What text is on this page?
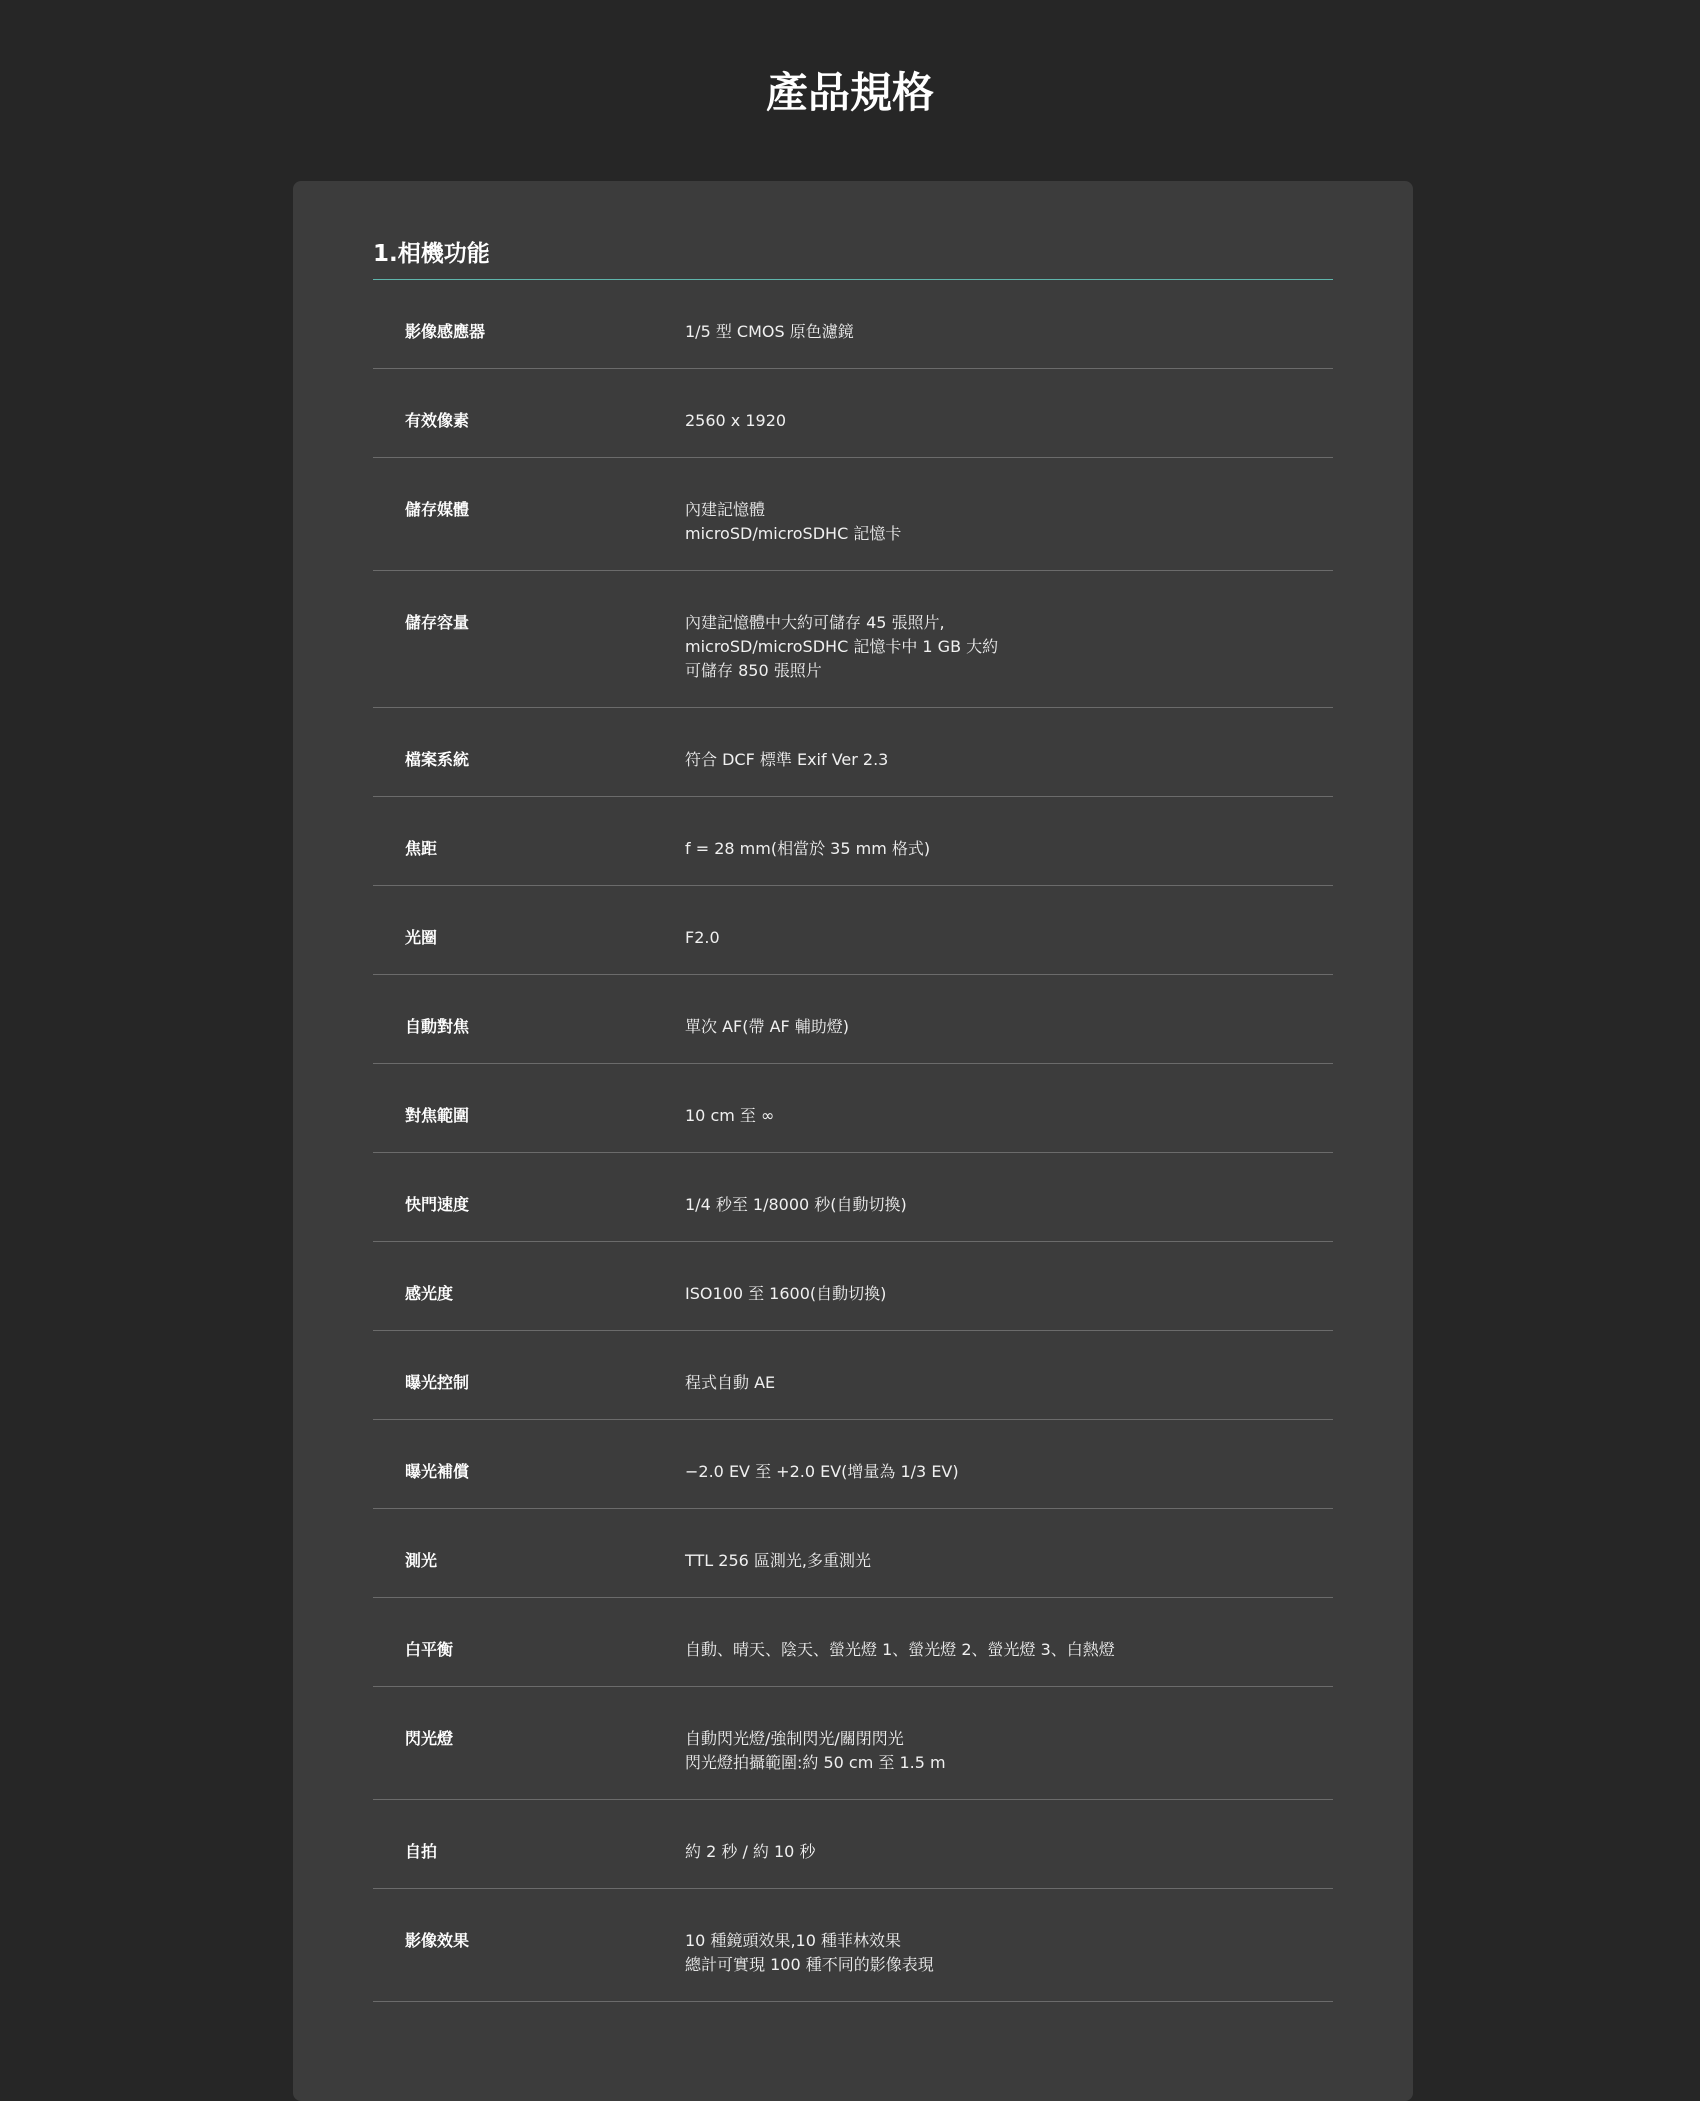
產品規格
1.相機功能
影像感應器	1/5 型 CMOS 原色濾鏡
有效像素	2560 x 1920
儲存媒體	內建記憶體
microSD/microSDHC 記憶卡
儲存容量	內建記憶體中大約可儲存 45 張照片,
microSD/microSDHC 記憶卡中 1 GB 大約
可儲存 850 張照片
檔案系統	符合 DCF 標準 Exif Ver 2.3
焦距	f = 28 mm(相當於 35 mm 格式)
光圈	F2.0
自動對焦	單次 AF(帶 AF 輔助燈)
對焦範圍	10 cm 至 ∞
快門速度	1/4 秒至 1/8000 秒(自動切換)
感光度	ISO100 至 1600(自動切換)
曝光控制	程式自動 AE
曝光補償	−2.0 EV 至 +2.0 EV(增量為 1/3 EV)
測光	TTL 256 區測光,多重測光
白平衡	自動、晴天、陰天、螢光燈 1、螢光燈 2、螢光燈 3、白熱燈
閃光燈	自動閃光燈/強制閃光/關閉閃光
閃光燈拍攝範圍:約 50 cm 至 1.5 m
自拍	約 2 秒 / 約 10 秒
影像效果	10 種鏡頭效果,10 種菲林效果
總計可實現 100 種不同的影像表現
